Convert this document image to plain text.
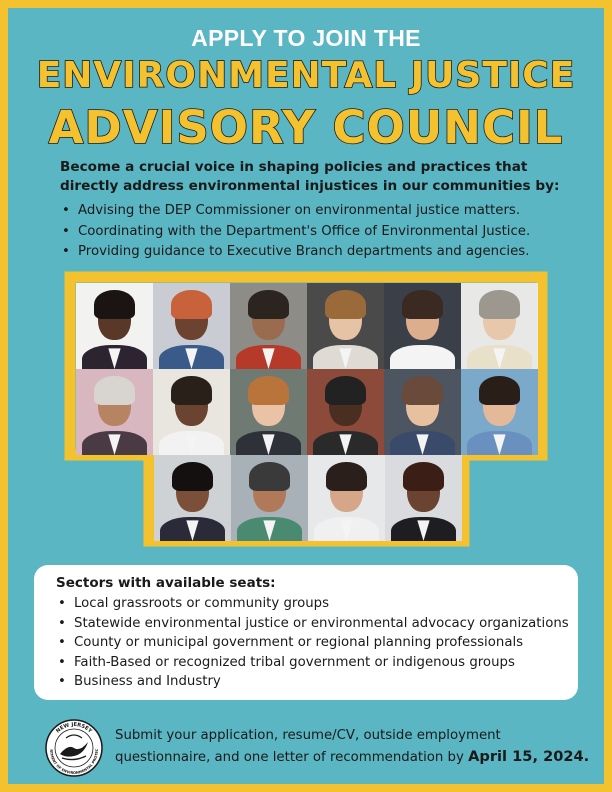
APPLY TO JOIN THE
ENVIRONMENTAL JUSTICE
ADVISORY COUNCIL
Become a crucial voice in shaping policies and practices that directly address environmental injustices in our communities by:
• Advising the DEP Commissioner on environmental justice matters.
• Coordinating with the Department's Office of Environmental Justice.
• Providing guidance to Executive Branch departments and agencies.
Sectors with available seats:
• Local grassroots or community groups
• Statewide environmental justice or environmental advocacy organizations
• County or municipal government or regional planning professionals
• Faith-Based or recognized tribal government or indigenous groups
• Business and Industry
NEW JERSEY
RTMENT OF ENVIRONMENTAL PROTEC
Submit your application, resume/CV, outside employment questionnaire, and one letter of recommendation by April 15, 2024.
